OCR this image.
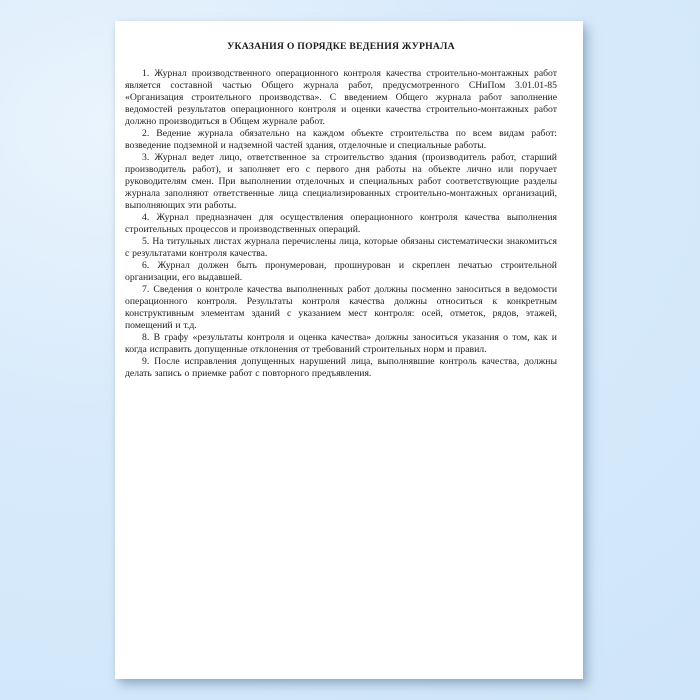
УКАЗАНИЯ О ПОРЯДКЕ ВЕДЕНИЯ ЖУРНАЛА

1. Журнал производственного операционного контроля качества строительно-монтажных работ является составной частью Общего журнала работ, предусмотренного СНиПом 3.01.01-85 «Организация строительного производства». С введением Общего журнала работ заполнение ведомостей результатов операционного контроля и оценки качества строительно-монтажных работ должно производиться в Общем журнале работ.

2. Ведение журнала обязательно на каждом объекте строительства по всем видам работ: возведение подземной и надземной частей здания, отделочные и специальные работы.

3. Журнал ведет лицо, ответственное за строительство здания (производитель работ, старший производитель работ), и заполняет его с первого дня работы на объекте лично или поручает руководителям смен. При выполнении отделочных и специальных работ соответствующие разделы журнала заполняют ответственные лица специализированных строительно-монтажных организаций, выполняющих эти работы.

4. Журнал предназначен для осуществления операционного контроля качества выполнения строительных процессов и производственных операций.

5. На титульных листах журнала перечислены лица, которые обязаны систематически знакомиться с результатами контроля качества.

6. Журнал должен быть пронумерован, прошнурован и скреплен печатью строительной организации, его выдавшей.

7. Сведения о контроле качества выполненных работ должны посменно заноситься в ведомости операционного контроля. Результаты контроля качества должны относиться к конкретным конструктивным элементам зданий с указанием мест контроля: осей, отметок, рядов, этажей, помещений и т.д.

8. В графу «результаты контроля и оценка качества» должны заноситься указания о том, как и когда исправить допущенные отклонения от требований строительных норм и правил.

9. После исправления допущенных нарушений лица, выполнявшие контроль качества, должны делать запись о приемке работ с повторного предъявления.
